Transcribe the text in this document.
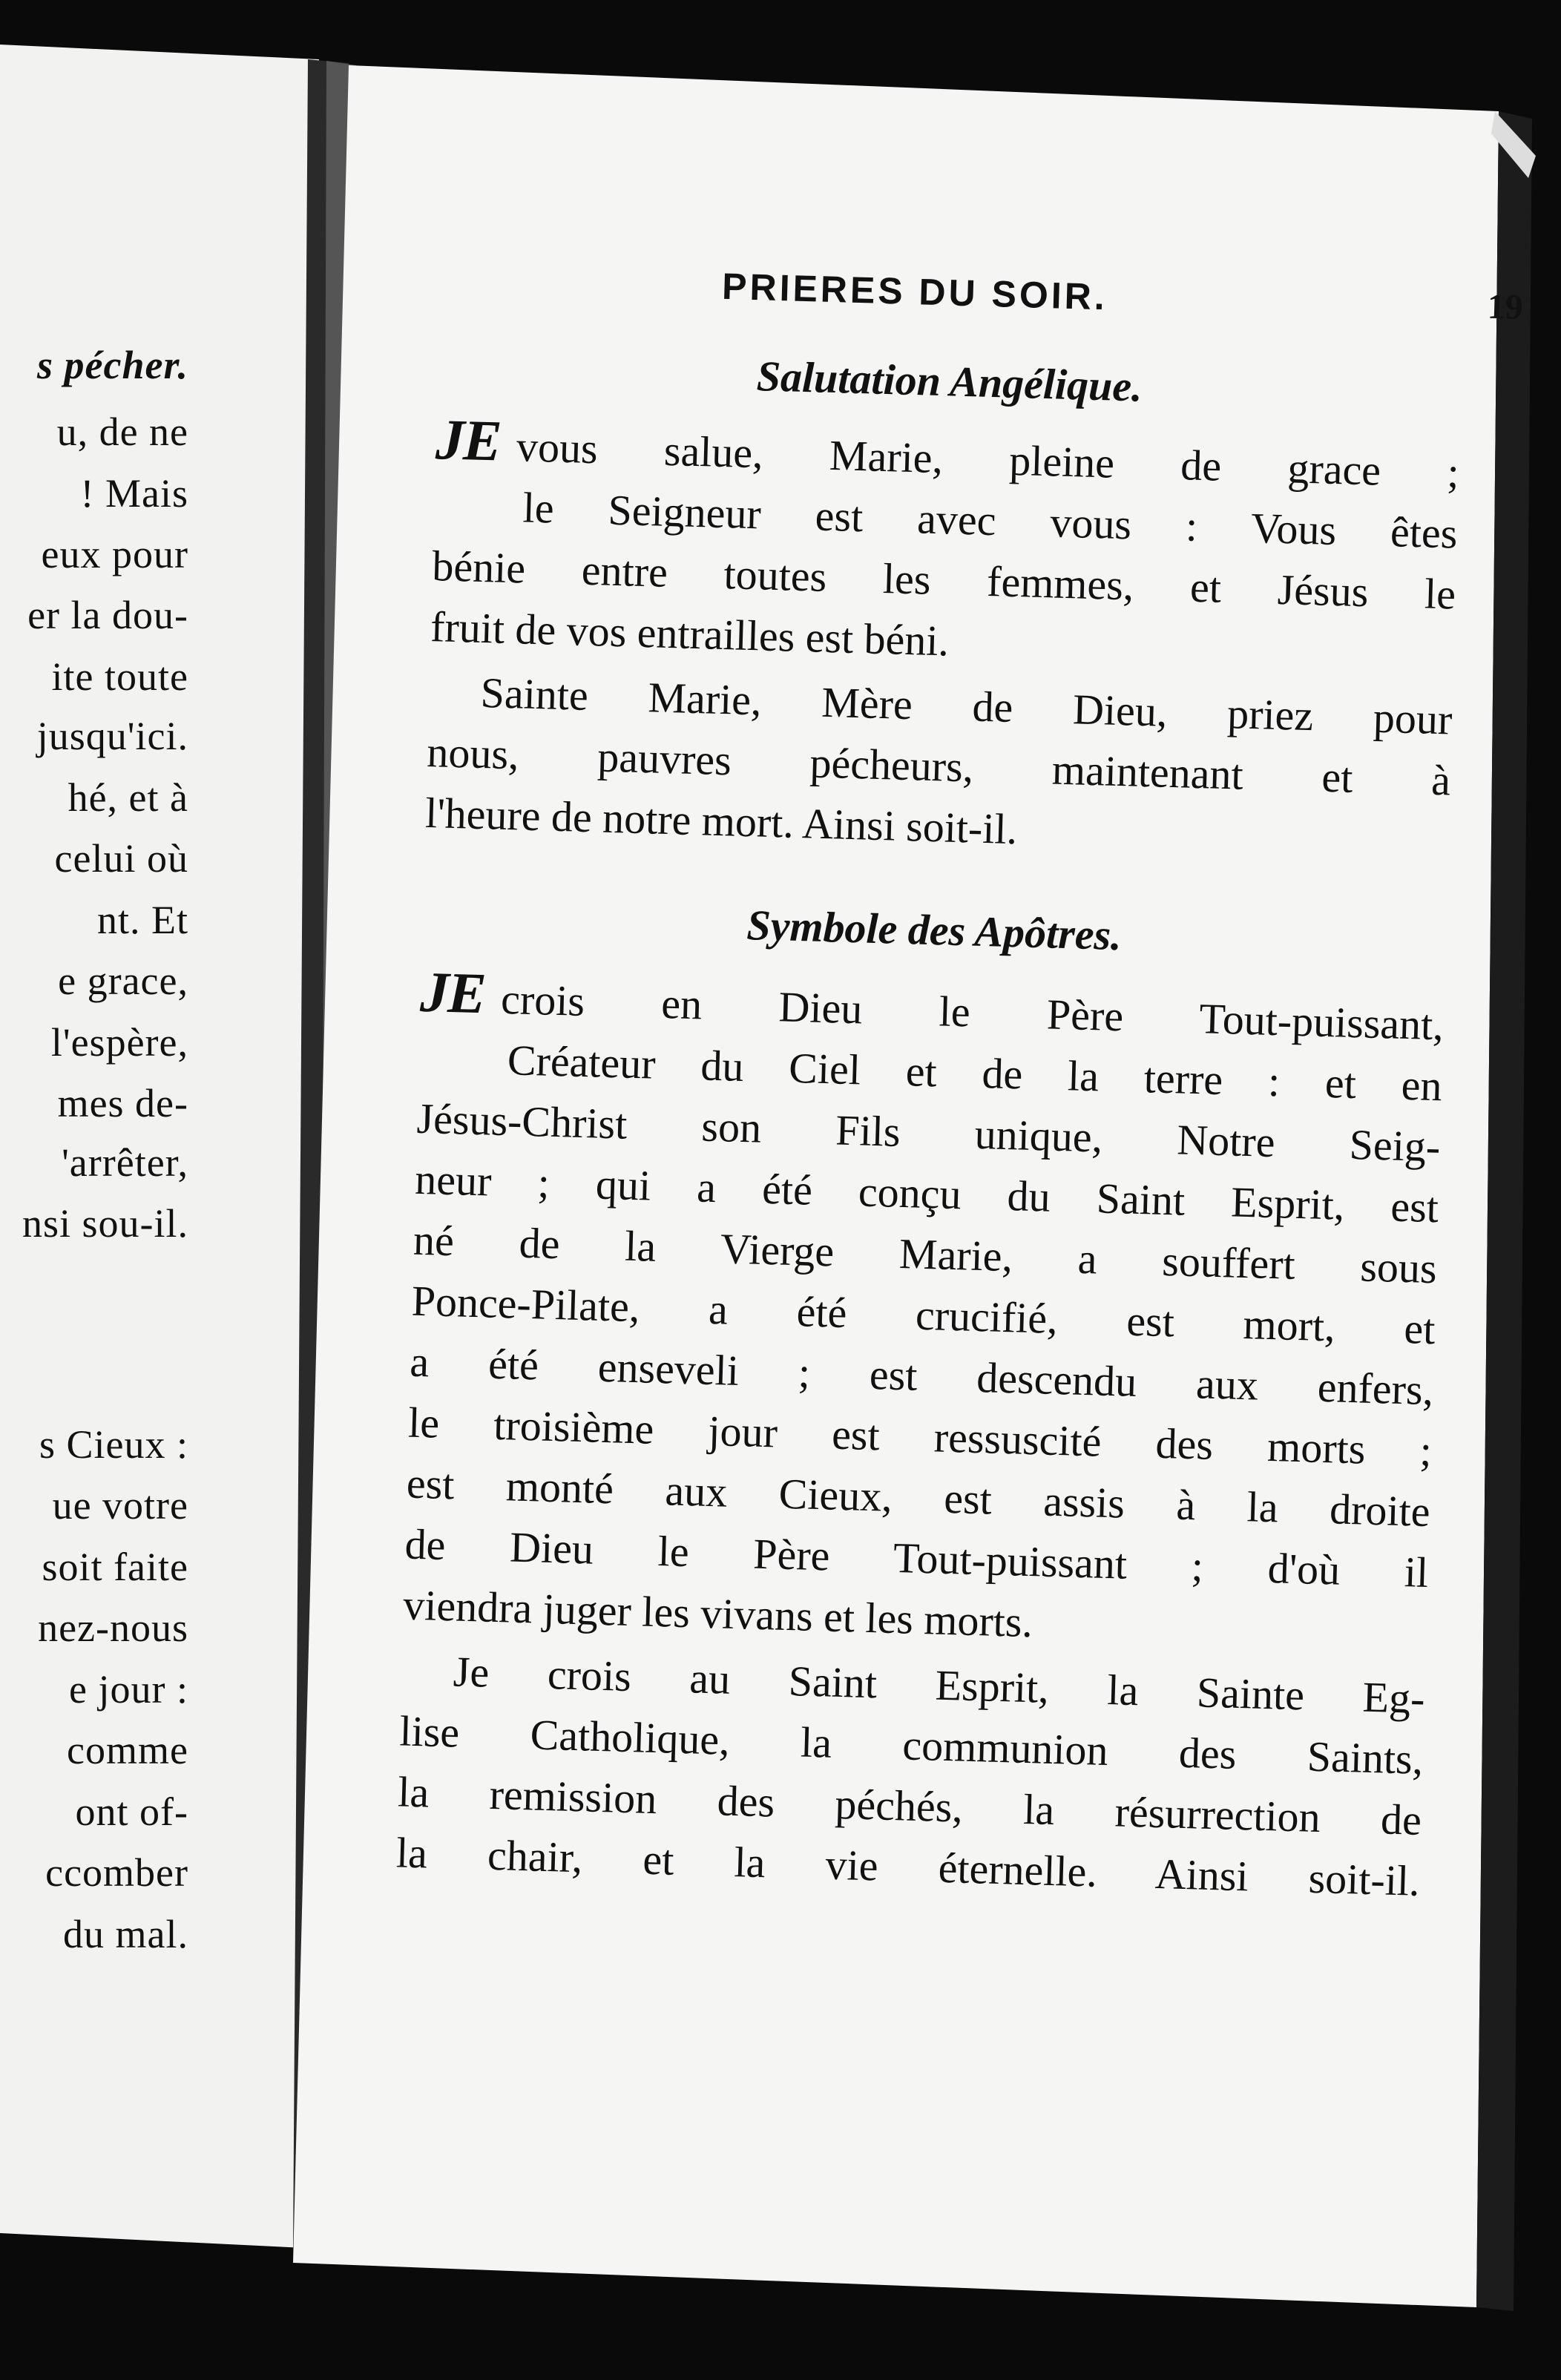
s pécher.
u, de ne
! Mais
eux pour
er la dou-
ite toute
jusqu'ici.
hé, et à
celui où
nt. Et
e grace,
l'espère,
mes de-
'arrêter,
nsi sou-il.
s Cieux :
ue votre
soit faite
nez-nous
e jour :
comme
ont of-
ccomber
du mal.
PRIERES DU SOIR.	19
Salutation Angélique.
JE vous salue, Marie, pleine de grace ;
le Seigneur est avec vous : Vous êtes
bénie entre toutes les femmes, et Jésus le
fruit de vos entrailles est béni.
Sainte Marie, Mère de Dieu, priez pour
nous, pauvres pécheurs, maintenant et à
l'heure de notre mort. Ainsi soit-il.
Symbole des Apôtres.
JE crois en Dieu le Père Tout-puissant,
Créateur du Ciel et de la terre : et en
Jésus-Christ son Fils unique, Notre Seig-
neur ; qui a été conçu du Saint Esprit, est
né de la Vierge Marie, a souffert sous
Ponce-Pilate, a été crucifié, est mort, et
a été enseveli ; est descendu aux enfers,
le troisième jour est ressuscité des morts ;
est monté aux Cieux, est assis à la droite
de Dieu le Père Tout-puissant ; d'où il
viendra juger les vivans et les morts.
Je crois au Saint Esprit, la Sainte Eg-
lise Catholique, la communion des Saints,
la remission des péchés, la résurrection de
la chair, et la vie éternelle. Ainsi soit-il.
